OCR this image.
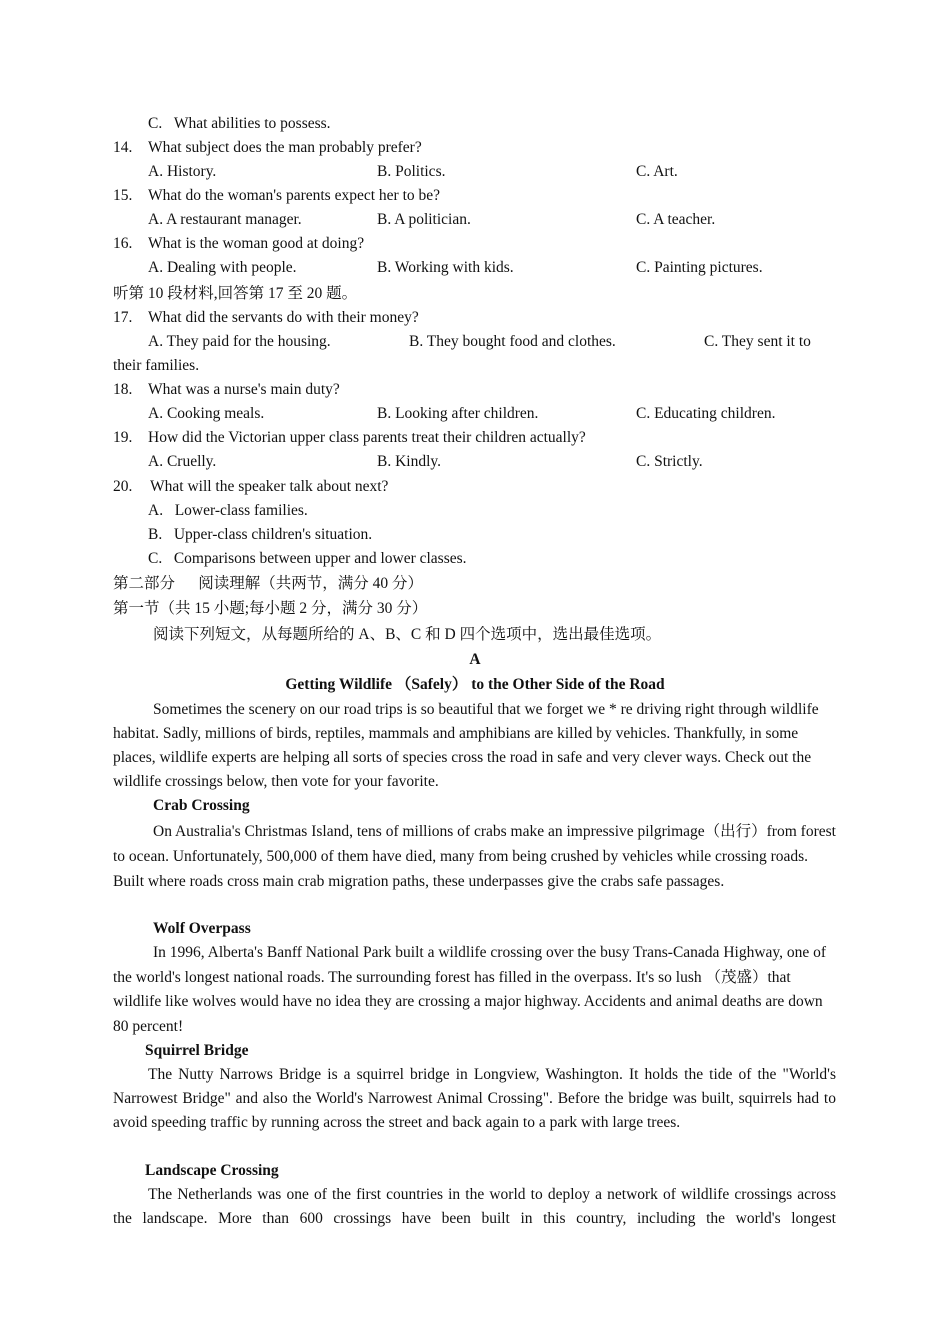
C.   What abilities to possess.
14. What subject does the man probably prefer?
A. History.	B. Politics.	C. Art.
15. What do the woman's parents expect her to be?
A. A restaurant manager.	B. A politician.	C. A teacher.
16. What is the woman good at doing?
A. Dealing with people.	B. Working with kids.	C. Painting pictures.
听第 10 段材料,回答第 17 至 20 题。
17. What did the servants do with their money?
A. They paid for the housing.	B. They bought food and clothes.	C. They sent it to
their families.
18. What was a nurse's main duty?
A. Cooking meals.	B. Looking after children.	C. Educating children.
19. How did the Victorian upper class parents treat their children actually?
A. Cruelly.	B. Kindly.	C. Strictly.
20. What will the speaker talk about next?
A.   Lower-class families.
B.   Upper-class children's situation.
C.   Comparisons between upper and lower classes.
第二部分      阅读理解（共两节，满分 40 分）
第一节（共 15 小题;每小题 2 分，满分 30 分）
阅读下列短文，从每题所给的 A、B、C 和 D 四个选项中，选出最佳选项。
A
Getting Wildlife （Safely） to the Other Side of the Road
Sometimes the scenery on our road trips is so beautiful that we forget we * re driving right through wildlife habitat. Sadly, millions of birds, reptiles, mammals and amphibians are killed by vehicles. Thankfully, in some places, wildlife experts are helping all sorts of species cross the road in safe and very clever ways. Check out the wildlife crossings below, then vote for your favorite.
Crab Crossing
On Australia's Christmas Island, tens of millions of crabs make an impressive pilgrimage（出行）from forest to ocean. Unfortunately, 500,000 of them have died, many from being crushed by vehicles while crossing roads. Built where roads cross main crab migration paths, these underpasses give the crabs safe passages.
Wolf Overpass
In 1996, Alberta's Banff National Park built a wildlife crossing over the busy Trans-Canada Highway, one of the world's longest national roads. The surrounding forest has filled in the overpass. It's so lush （茂盛）that wildlife like wolves would have no idea they are crossing a major highway. Accidents and animal deaths are down 80 percent!
Squirrel Bridge
The Nutty Narrows Bridge is a squirrel bridge in Longview, Washington. It holds the tide of the "World's Narrowest Bridge" and also the World's Narrowest Animal Crossing". Before the bridge was built, squirrels had to avoid speeding traffic by running across the street and back again to a park with large trees.
Landscape Crossing
The Netherlands was one of the first countries in the world to deploy a network of wildlife crossings across the landscape. More than 600 crossings have been built in this country, including the world's longest
